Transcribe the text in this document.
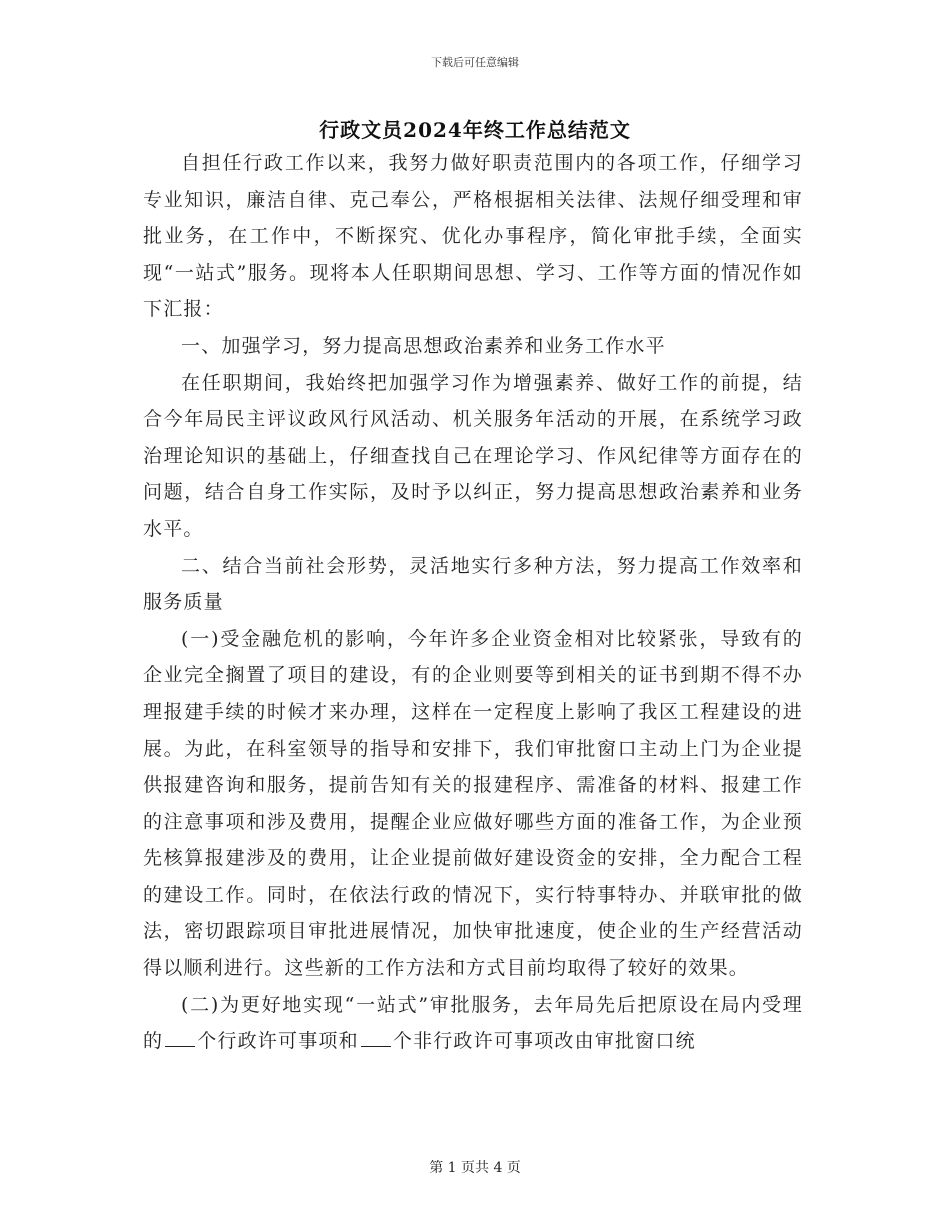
下载后可任意编辑
行政文员2024年终工作总结范文

自担任行政工作以来，我努力做好职责范围内的各项工作，仔细学习专业知识，廉洁自律、克己奉公，严格根据相关法律、法规仔细受理和审批业务，在工作中，不断探究、优化办事程序，简化审批手续，全面实现“一站式”服务。现将本人任职期间思想、学习、工作等方面的情况作如下汇报：

一、加强学习，努力提高思想政治素养和业务工作水平

在任职期间，我始终把加强学习作为增强素养、做好工作的前提，结合今年局民主评议政风行风活动、机关服务年活动的开展，在系统学习政治理论知识的基础上，仔细查找自己在理论学习、作风纪律等方面存在的问题，结合自身工作实际，及时予以纠正，努力提高思想政治素养和业务水平。

二、结合当前社会形势，灵活地实行多种方法，努力提高工作效率和服务质量

(一)受金融危机的影响，今年许多企业资金相对比较紧张，导致有的企业完全搁置了项目的建设，有的企业则要等到相关的证书到期不得不办理报建手续的时候才来办理，这样在一定程度上影响了我区工程建设的进展。为此，在科室领导的指导和安排下，我们审批窗口主动上门为企业提供报建咨询和服务，提前告知有关的报建程序、需准备的材料、报建工作的注意事项和涉及费用，提醒企业应做好哪些方面的准备工作，为企业预先核算报建涉及的费用，让企业提前做好建设资金的安排，全力配合工程的建设工作。同时，在依法行政的情况下，实行特事特办、并联审批的做法，密切跟踪项目审批进展情况，加快审批速度，使企业的生产经营活动得以顺利进行。这些新的工作方法和方式目前均取得了较好的效果。

(二)为更好地实现“一站式”审批服务，去年局先后把原设在局内受理的 个行政许可事项和 个非行政许可事项改由审批窗口统

第 1 页共 4 页
